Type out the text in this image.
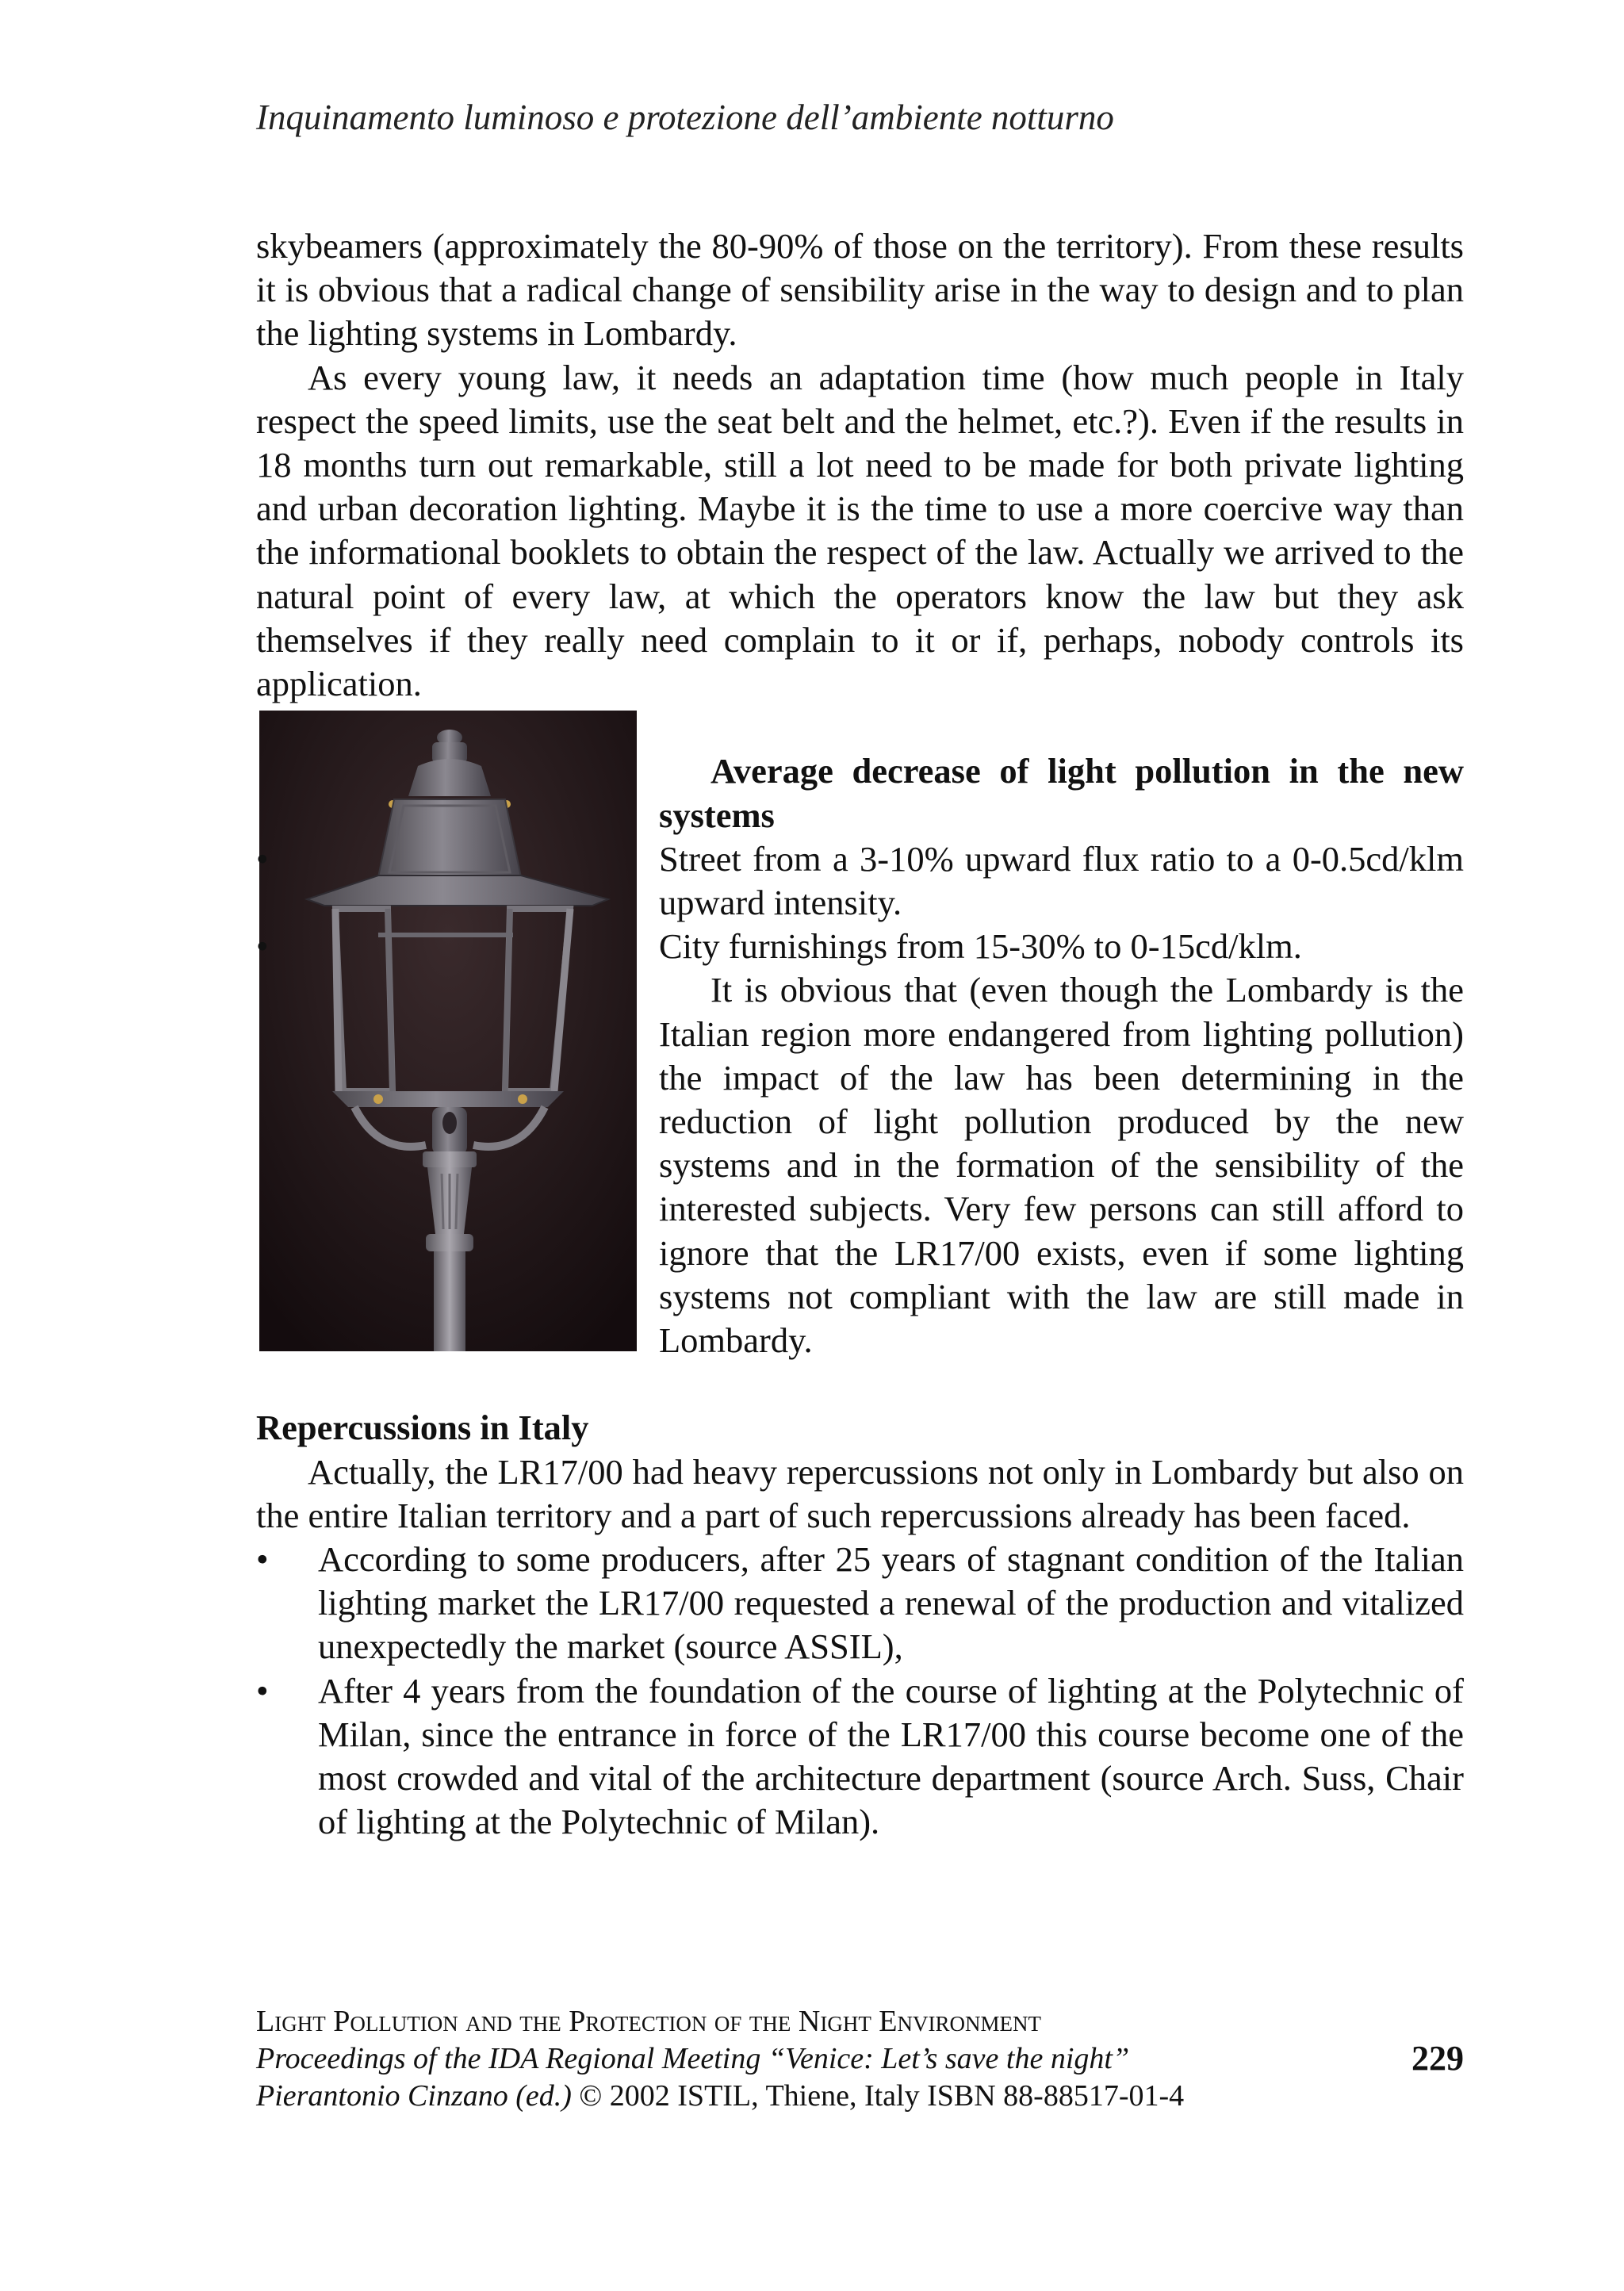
Inquinamento luminoso e protezione dell’ambiente notturno

skybeamers (approximately the 80-90% of those on the territory). From these results it is obvious that a radical change of sensibility arise in the way to design and to plan the lighting systems in Lombardy.

As every young law, it needs an adaptation time (how much people in Italy respect the speed limits, use the seat belt and the helmet, etc.?). Even if the results in 18 months turn out remarkable, still a lot need to be made for both private lighting and urban decoration lighting. Maybe it is the time to use a more coercive way than the informational booklets to obtain the respect of the law. Actually we arrived to the natural point of every law, at which the operators know the law but they ask themselves if they really need complain to it or if, perhaps, nobody controls its application.

Average decrease of light pollution in the new systems

•	Street from a 3-10% upward flux ratio to a 0-0.5cd/klm upward intensity.
•	City furnishings from 15-30% to 0-15cd/klm.

It is obvious that (even though the Lombardy is the Italian region more endangered from lighting pollution) the impact of the law has been determining in the reduction of light pollution produced by the new systems and in the formation of the sensibility of the interested subjects. Very few persons can still afford to ignore that the LR17/00 exists, even if some lighting systems not compliant with the law are still made in Lombardy.

Repercussions in Italy

Actually, the LR17/00 had heavy repercussions not only in Lombardy but also on the entire Italian territory and a part of such repercussions already has been faced.

•	According to some producers, after 25 years of stagnant condition of the Italian lighting market the LR17/00 requested a renewal of the production and vitalized unexpectedly the market (source ASSIL),
•	After 4 years from the foundation of the course of lighting at the Polytechnic of Milan, since the entrance in force of the LR17/00 this course become one of the most crowded and vital of the architecture department (source Arch. Suss, Chair of lighting at the Polytechnic of Milan).
Light Pollution and the Protection of the Night Environment
Proceedings of the IDA Regional Meeting “Venice: Let’s save the night”
Pierantonio Cinzano (ed.) © 2002 ISTIL, Thiene, Italy ISBN 88-88517-01-4
229
